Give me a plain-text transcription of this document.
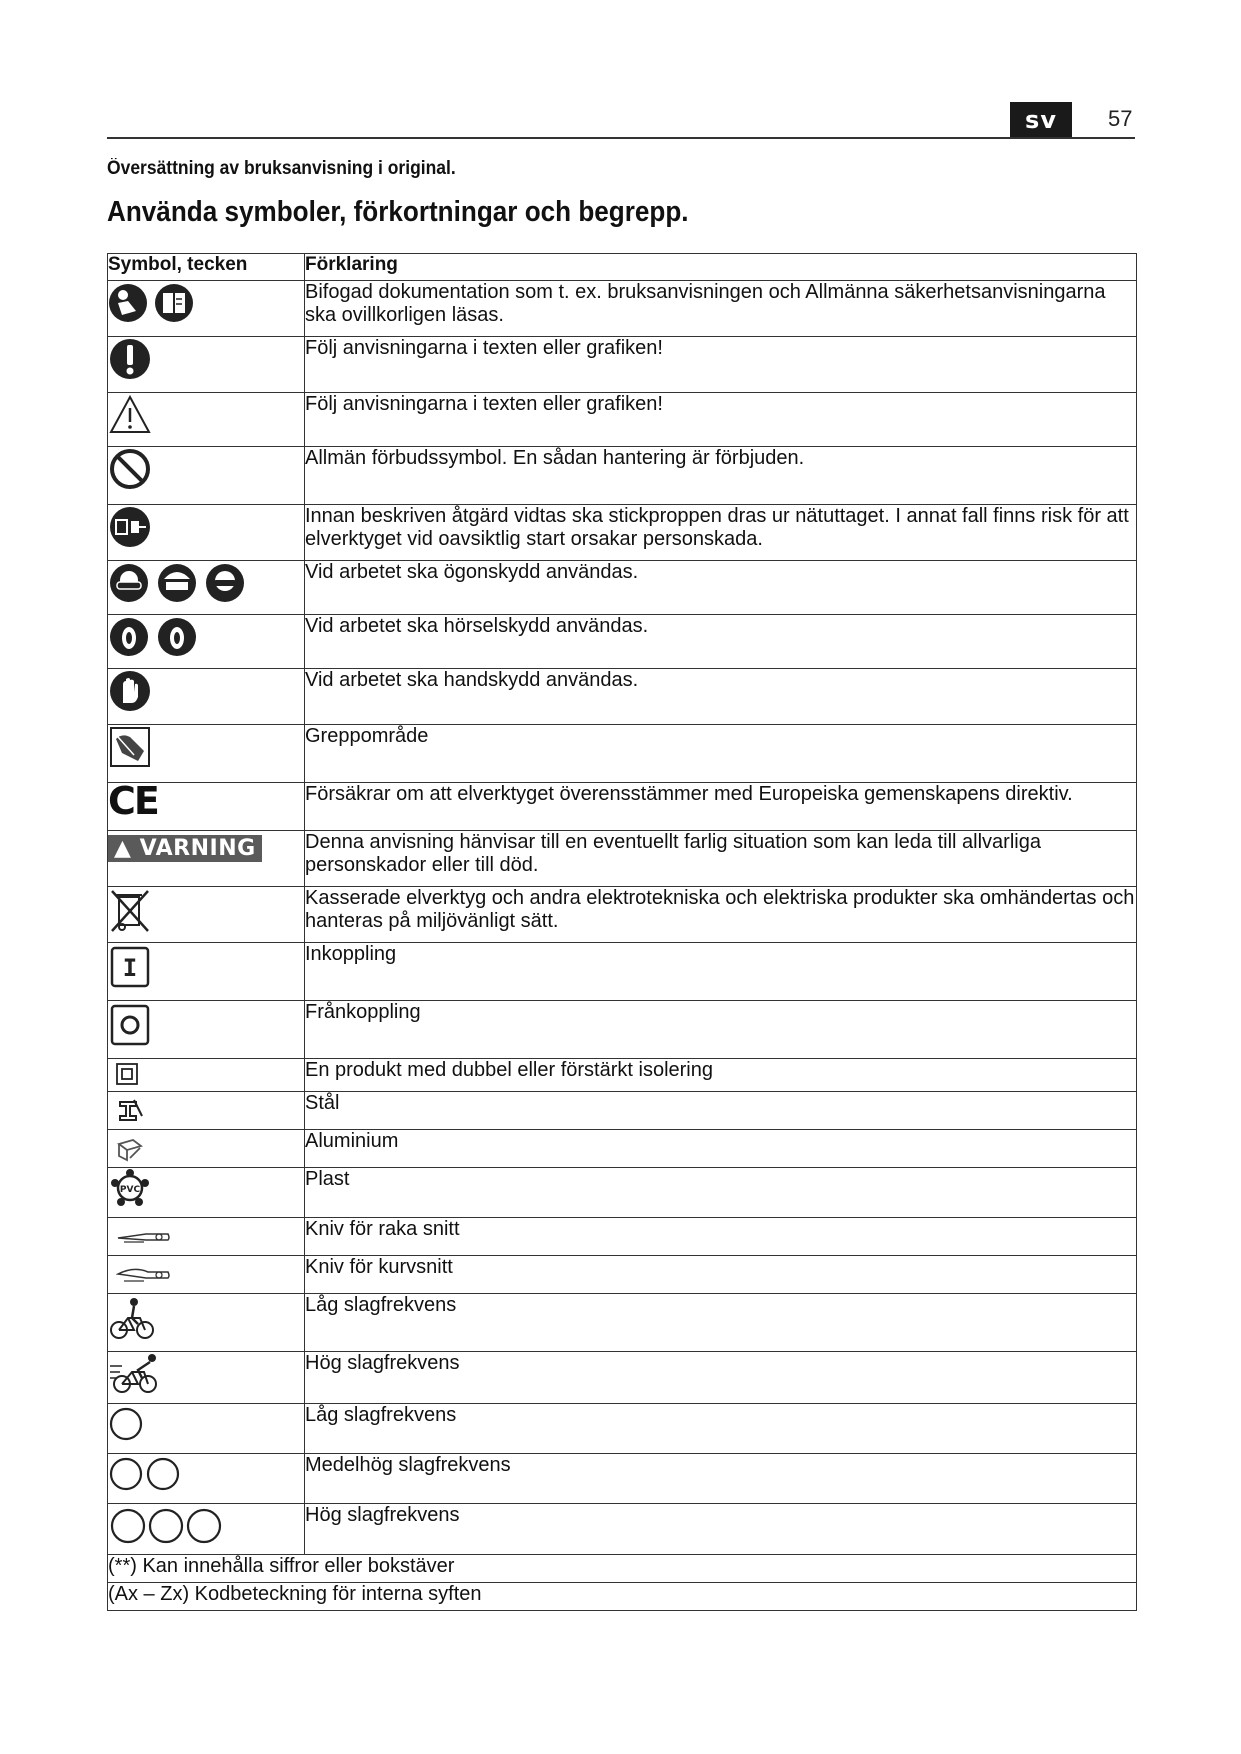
sv	57
Översättning av bruksanvisning i original.
Använda symboler, förkortningar och begrepp.
Symbol, tecken	Förklaring
	Bifogad dokumentation som t. ex. bruksanvisningen och Allmänna säkerhetsanvisningarna ska ovillkorligen läsas.
	Följ anvisningarna i texten eller grafiken!
	Följ anvisningarna i texten eller grafiken!
	Allmän förbudssymbol. En sådan hantering är förbjuden.
	Innan beskriven åtgärd vidtas ska stickproppen dras ur nätuttaget. I annat fall finns risk för att elverktyget vid oavsiktlig start orsakar personskada.
	Vid arbetet ska ögonskydd användas.
	Vid arbetet ska hörselskydd användas.
	Vid arbetet ska handskydd användas.
	Greppområde
CE	Försäkrar om att elverktyget överensstämmer med Europeiska gemenskapens direktiv.
▲ VARNING	Denna anvisning hänvisar till en eventuellt farlig situation som kan leda till allvarliga personskador eller till död.
	Kasserade elverktyg och andra elektrotekniska och elektriska produkter ska omhändertas och hanteras på miljövänligt sätt.

I	Inkoppling
	Frånkoppling
	En produkt med dubbel eller förstärkt isolering
	Stål
	Aluminium

PVC	Plast
	Kniv för raka snitt
	Kniv för kurvsnitt
	Låg slagfrekvens
	Hög slagfrekvens
	Låg slagfrekvens
	Medelhög slagfrekvens
	Hög slagfrekvens
(**) Kan innehålla siffror eller bokstäver	
(Ax – Zx) Kodbeteckning för interna syften	
